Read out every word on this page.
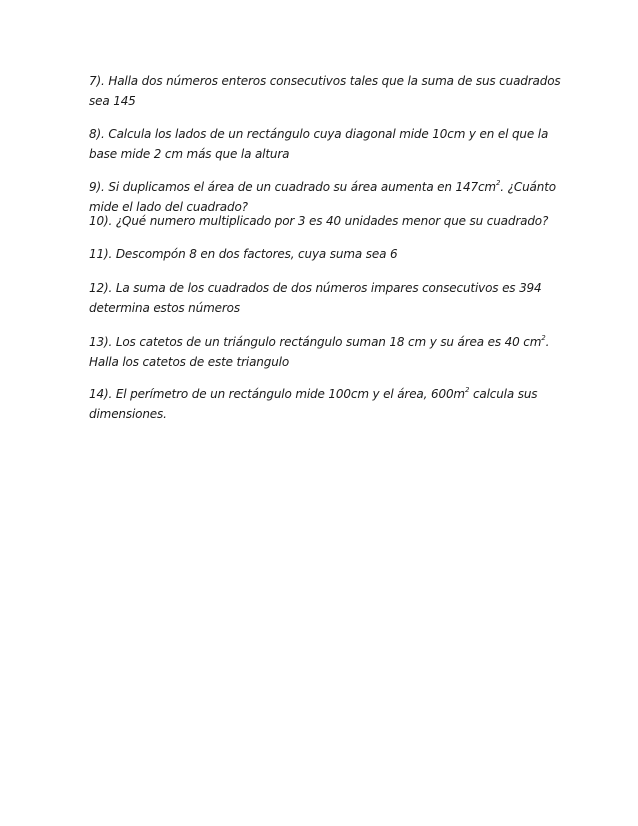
7). Halla dos números enteros consecutivos tales que la suma de sus cuadrados
sea 145
8). Calcula los lados de un rectángulo cuya diagonal mide 10cm y en el que la
base mide 2 cm más que la altura
9). Si duplicamos el área de un cuadrado su área aumenta en $147cm^2$. ¿Cuánto
mide el lado del cuadrado?
10). ¿Qué numero multiplicado por 3 es 40 unidades menor que su cuadrado?
11). Descompón 8 en dos factores, cuya suma sea 6
12). La suma de los cuadrados de dos números impares consecutivos es 394
determina estos números
13). Los catetos de un triángulo rectángulo suman 18 cm y su área es 40 $cm^2$.
Halla los catetos de este triangulo
14). El perímetro de un rectángulo mide 100cm y el área, $600m^2$ calcula sus
dimensiones.
